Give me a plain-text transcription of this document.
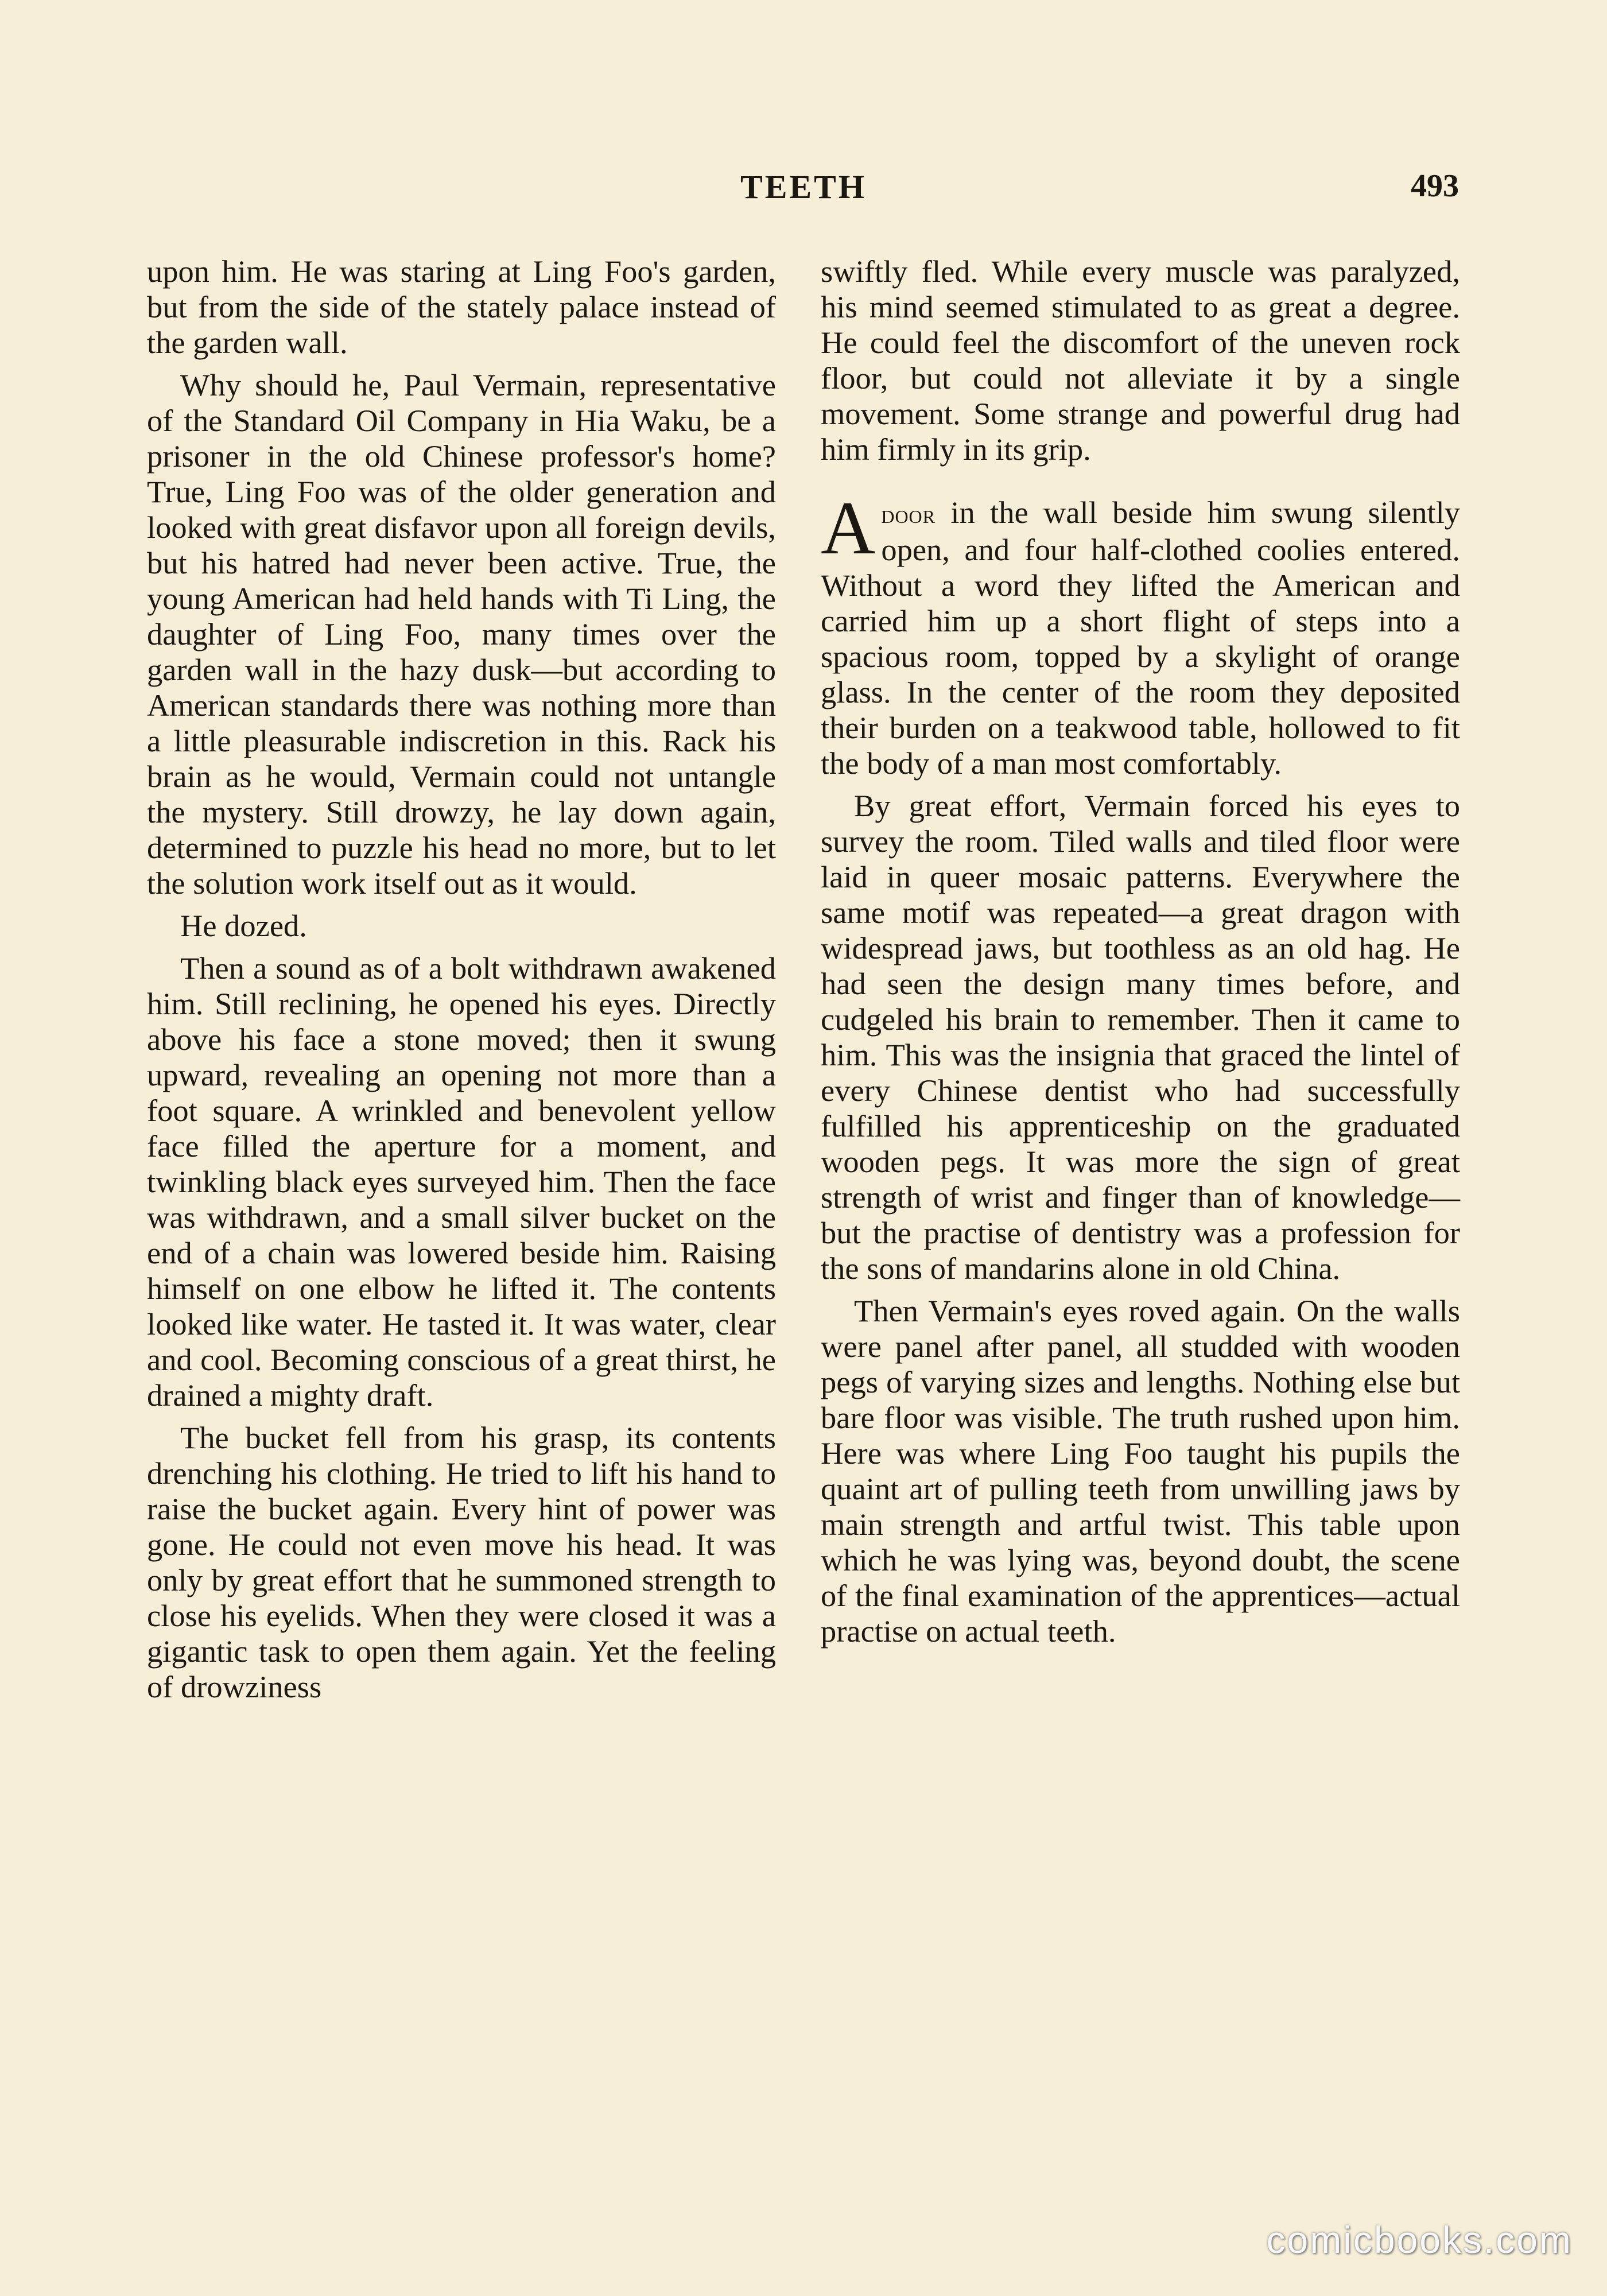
TEETH	493

upon him. He was staring at Ling Foo's garden, but from the side of the stately palace instead of the garden wall.

Why should he, Paul Vermain, representative of the Standard Oil Company in Hia Waku, be a prisoner in the old Chinese professor's home? True, Ling Foo was of the older generation and looked with great disfavor upon all foreign devils, but his hatred had never been active. True, the young American had held hands with Ti Ling, the daughter of Ling Foo, many times over the garden wall in the hazy dusk—but according to American standards there was nothing more than a little pleasurable indiscretion in this. Rack his brain as he would, Vermain could not untangle the mystery. Still drowzy, he lay down again, determined to puzzle his head no more, but to let the solution work itself out as it would.

He dozed.

Then a sound as of a bolt withdrawn awakened him. Still reclining, he opened his eyes. Directly above his face a stone moved; then it swung upward, revealing an opening not more than a foot square. A wrinkled and benevolent yellow face filled the aperture for a moment, and twinkling black eyes surveyed him. Then the face was withdrawn, and a small silver bucket on the end of a chain was lowered beside him. Raising himself on one elbow he lifted it. The contents looked like water. He tasted it. It was water, clear and cool. Becoming conscious of a great thirst, he drained a mighty draft.

The bucket fell from his grasp, its contents drenching his clothing. He tried to lift his hand to raise the bucket again. Every hint of power was gone. He could not even move his head. It was only by great effort that he summoned strength to close his eyelids. When they were closed it was a gigantic task to open them again. Yet the feeling of drowziness

swiftly fled. While every muscle was paralyzed, his mind seemed stimulated to as great a degree. He could feel the discomfort of the uneven rock floor, but could not alleviate it by a single movement. Some strange and powerful drug had him firmly in its grip.

Adoor in the wall beside him swung silently open, and four half-clothed coolies entered. Without a word they lifted the American and carried him up a short flight of steps into a spacious room, topped by a skylight of orange glass. In the center of the room they deposited their burden on a teakwood table, hollowed to fit the body of a man most comfortably.

By great effort, Vermain forced his eyes to survey the room. Tiled walls and tiled floor were laid in queer mosaic patterns. Everywhere the same motif was repeated—a great dragon with widespread jaws, but toothless as an old hag. He had seen the design many times before, and cudgeled his brain to remember. Then it came to him. This was the insignia that graced the lintel of every Chinese dentist who had successfully fulfilled his apprenticeship on the graduated wooden pegs. It was more the sign of great strength of wrist and finger than of knowledge—but the practise of dentistry was a profession for the sons of mandarins alone in old China.

Then Vermain's eyes roved again. On the walls were panel after panel, all studded with wooden pegs of varying sizes and lengths. Nothing else but bare floor was visible. The truth rushed upon him. Here was where Ling Foo taught his pupils the quaint art of pulling teeth from unwilling jaws by main strength and artful twist. This table upon which he was lying was, beyond doubt, the scene of the final examination of the apprentices—actual practise on actual teeth.

comicbooks.com
